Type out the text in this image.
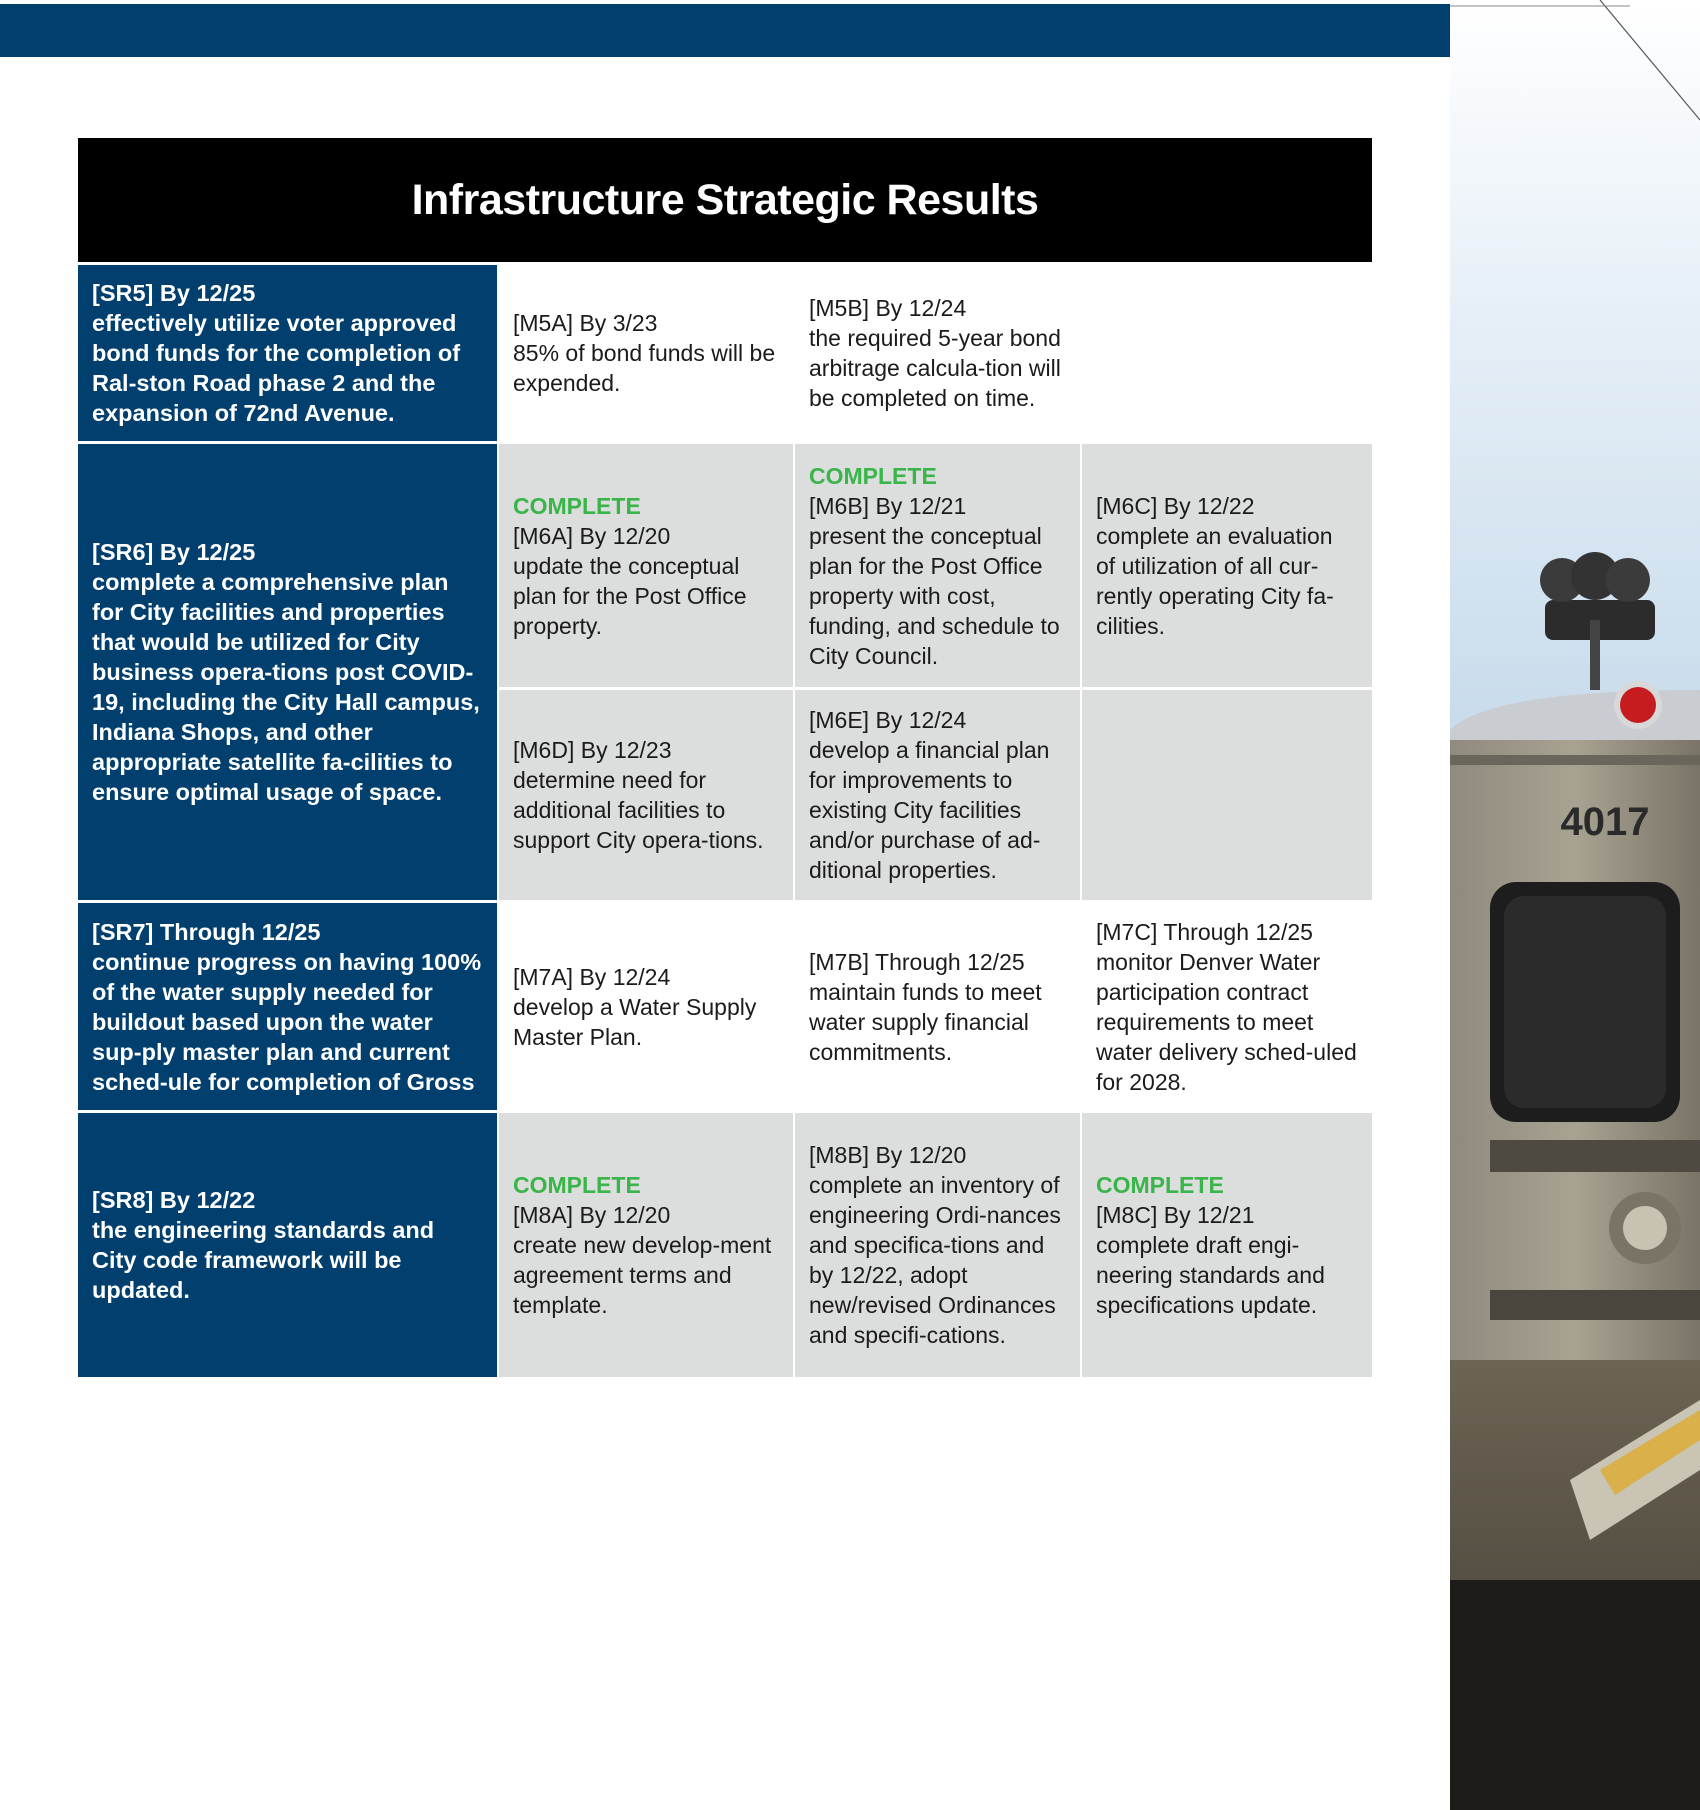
Infrastructure Strategic Results
[SR5] By 12/25
effectively utilize voter approved bond funds for the completion of Ral-ston Road phase 2 and the expansion of 72nd Avenue.
[M5A] By 3/23
85% of bond funds will be expended.
[M5B] By 12/24
the required 5-year bond arbitrage calcula-tion will be completed on time.
[SR6] By 12/25
complete a comprehensive plan for City facilities and properties that would be utilized for City business opera-tions post COVID-19, including the City Hall campus, Indiana Shops, and other appropriate satellite fa-cilities to ensure optimal usage of space.
COMPLETE
[M6A] By 12/20
update the conceptual plan for the Post Office property.
COMPLETE
[M6B] By 12/21
present the conceptual plan for the Post Office property with cost, funding, and schedule to City Council.
[M6C] By 12/22
complete an evaluation of utilization of all cur-rently operating City fa-cilities.
[M6D] By 12/23
determine need for additional facilities to support City opera-tions.
[M6E] By 12/24
develop a financial plan for improvements to existing City facilities and/or purchase of ad-ditional properties.
[SR7] Through 12/25
continue progress on having 100% of the water supply needed for buildout based upon the water sup-ply master plan and current sched-ule for completion of Gross
[M7A] By 12/24
develop a Water Supply Master Plan.
[M7B] Through 12/25
maintain funds to meet water supply financial commitments.
[M7C] Through 12/25
monitor Denver Water participation contract requirements to meet water delivery sched-uled for 2028.
[SR8] By 12/22
the engineering standards and City code framework will be updated.
COMPLETE
[M8A] By 12/20
create new develop-ment agreement terms and template.
[M8B] By 12/20
complete an inventory of engineering Ordi-nances and specifica-tions and by 12/22, adopt new/revised Ordinances and specifi-cations.
COMPLETE
[M8C] By 12/21
complete draft engi-neering standards and specifications update.
4017
